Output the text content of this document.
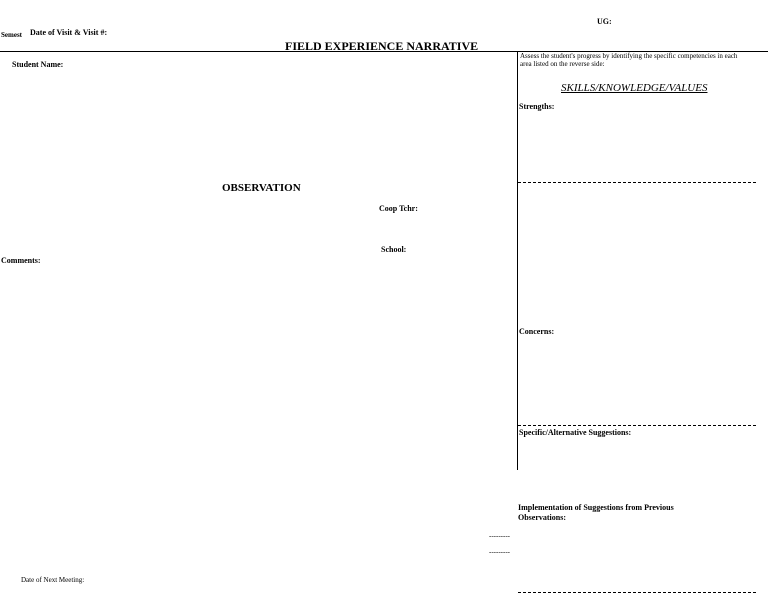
Semest Date of Visit & Visit #:
UG:
FIELD EXPERIENCE NARRATIVE
Student Name:
OBSERVATION
Coop Tchr:
School:
Comments:
---------
---------
Date of Next Meeting:
Assess the student's progress by identifying the specific competencies in each area listed on the reverse side:
SKILLS/KNOWLEDGE/VALUES
Strengths:
Concerns:
Specific/Alternative Suggestions:
Implementation of Suggestions from Previous Observations:
